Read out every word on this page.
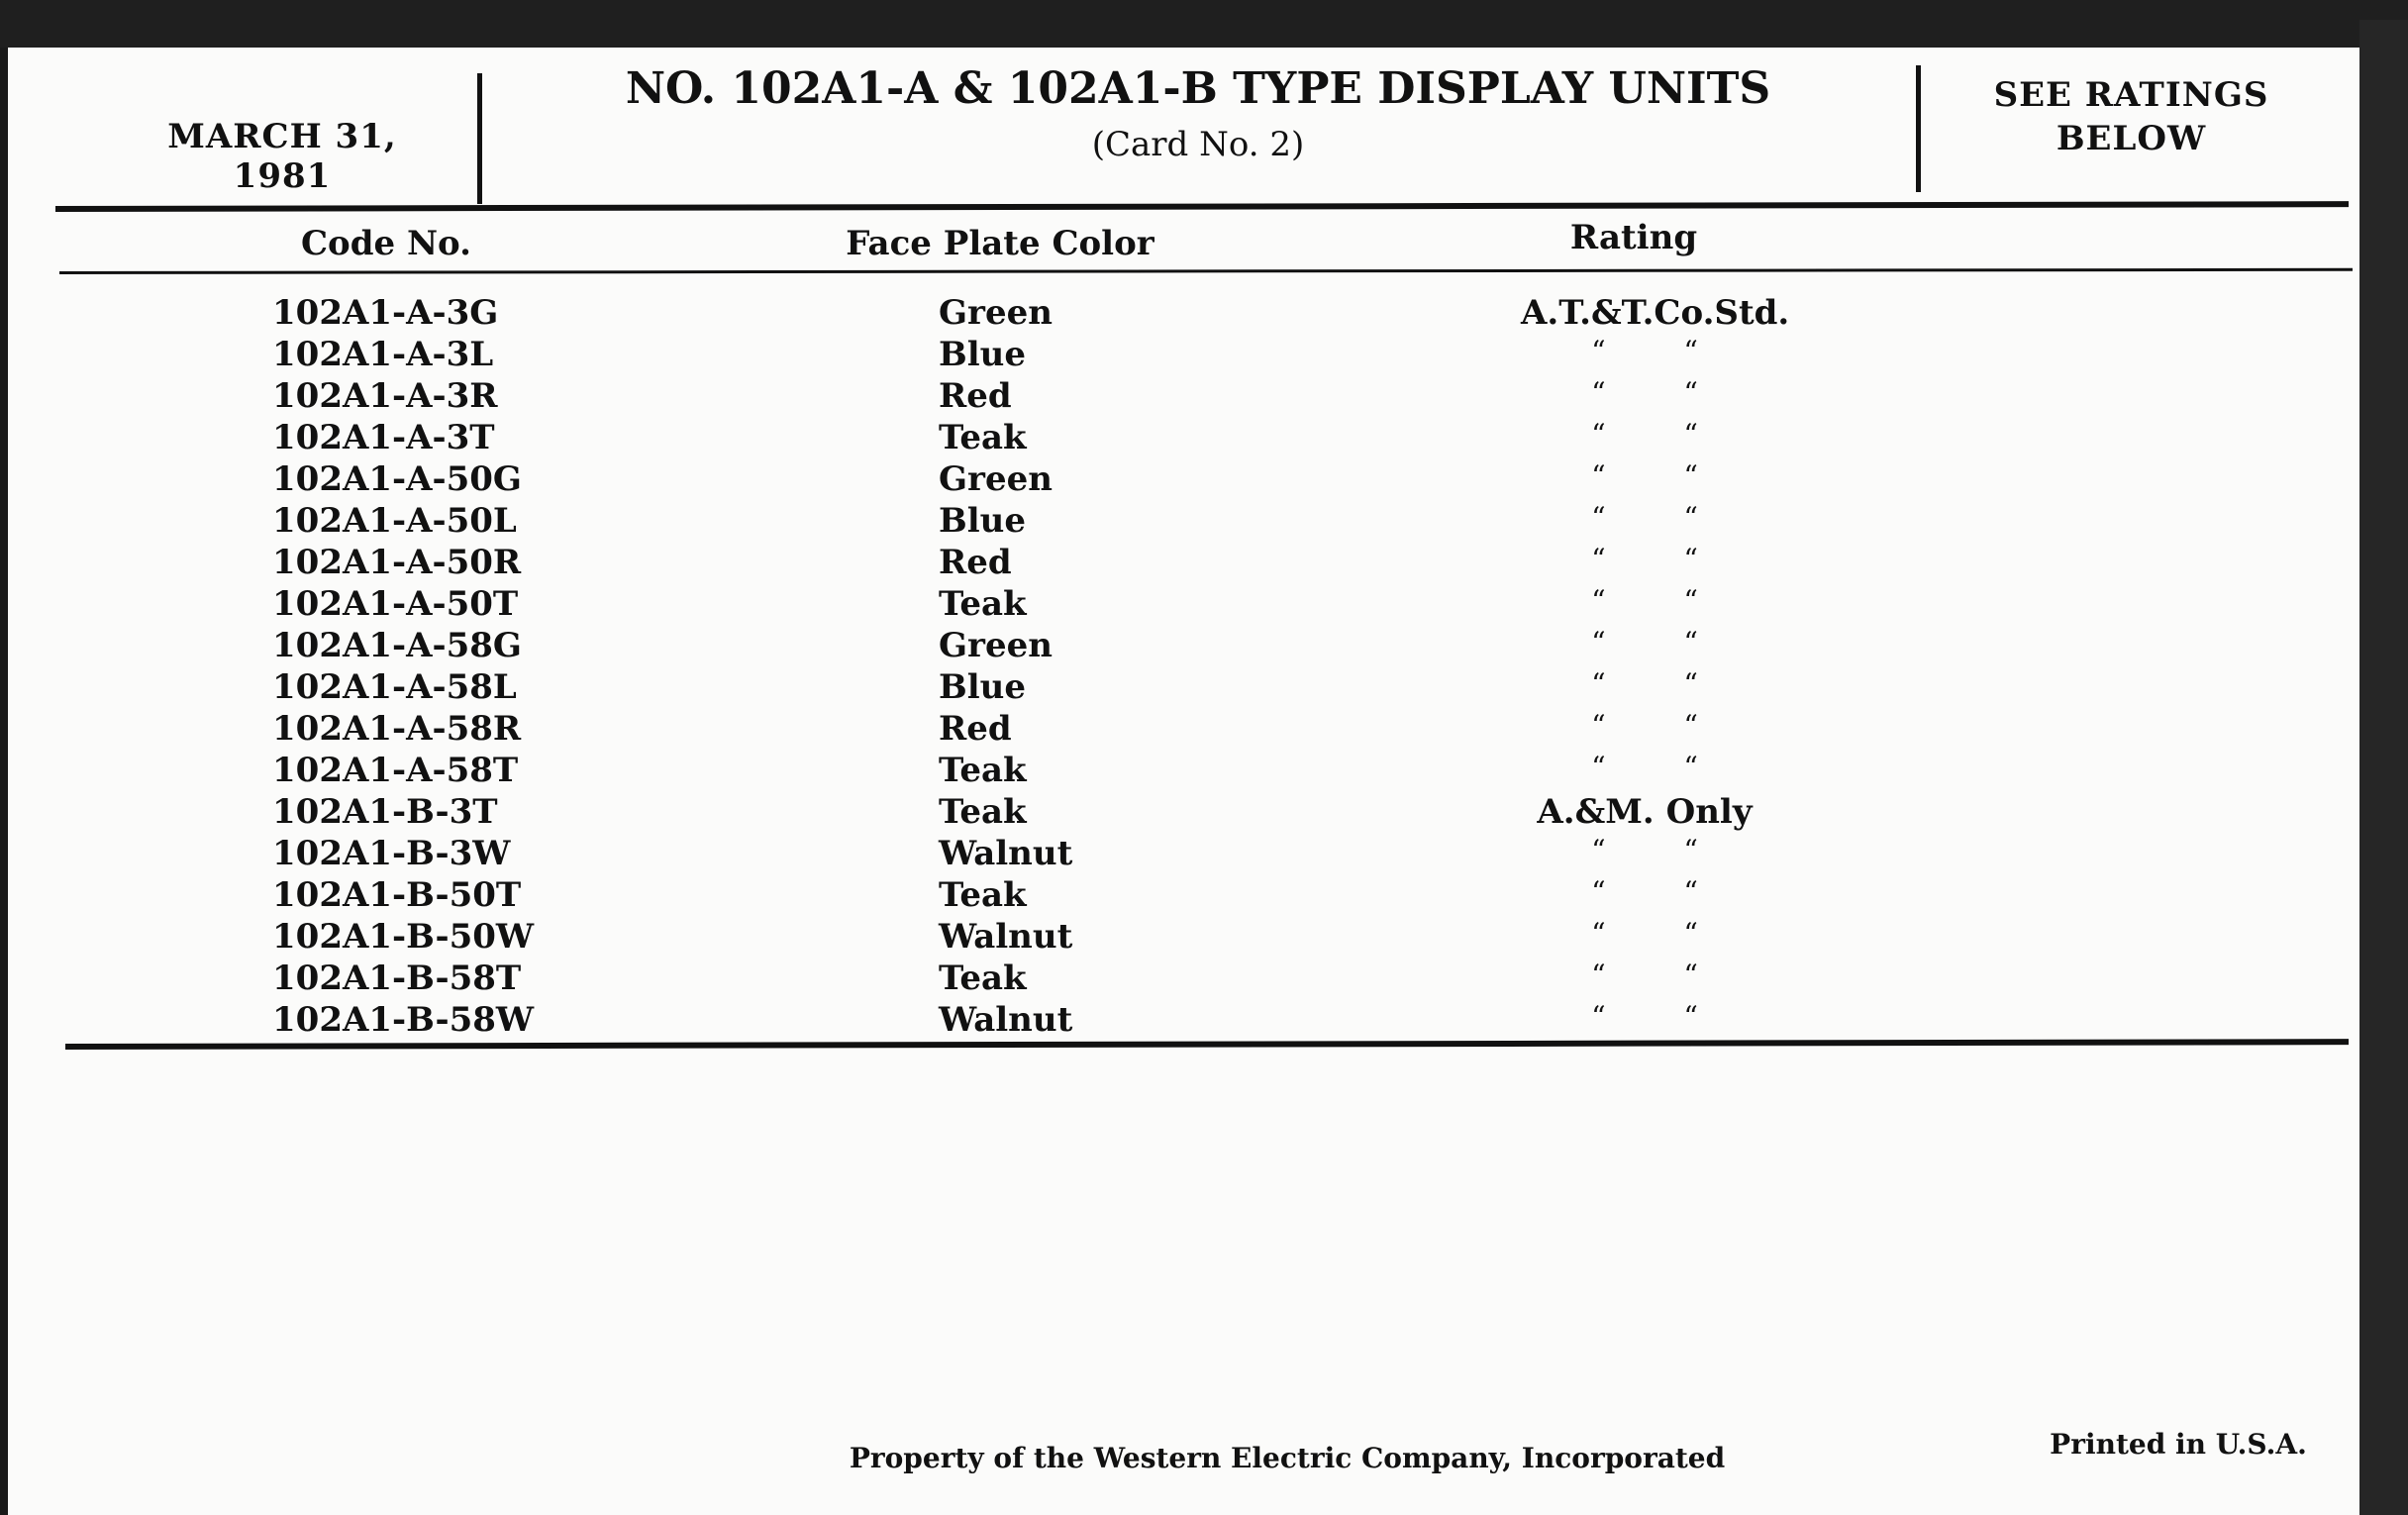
MARCH 31, 1981
NO. 102A1-A & 102A1-B TYPE DISPLAY UNITS
(Card No. 2)
SEE RATINGS
BELOW
Code No.	Face Plate Color	Rating
102A1-A-3G	Green	A.T.&T.Co.Std.
102A1-A-3L	Blue	“ “
102A1-A-3R	Red	“ “
102A1-A-3T	Teak	“ “
102A1-A-50G	Green	“ “
102A1-A-50L	Blue	“ “
102A1-A-50R	Red	“ “
102A1-A-50T	Teak	“ “
102A1-A-58G	Green	“ “
102A1-A-58L	Blue	“ “
102A1-A-58R	Red	“ “
102A1-A-58T	Teak	“ “
102A1-B-3T	Teak	A.&M. Only
102A1-B-3W	Walnut	“ “
102A1-B-50T	Teak	“ “
102A1-B-50W	Walnut	“ “
102A1-B-58T	Teak	“ “
102A1-B-58W	Walnut	“ “
Property of the Western Electric Company, Incorporated	Printed in U.S.A.
